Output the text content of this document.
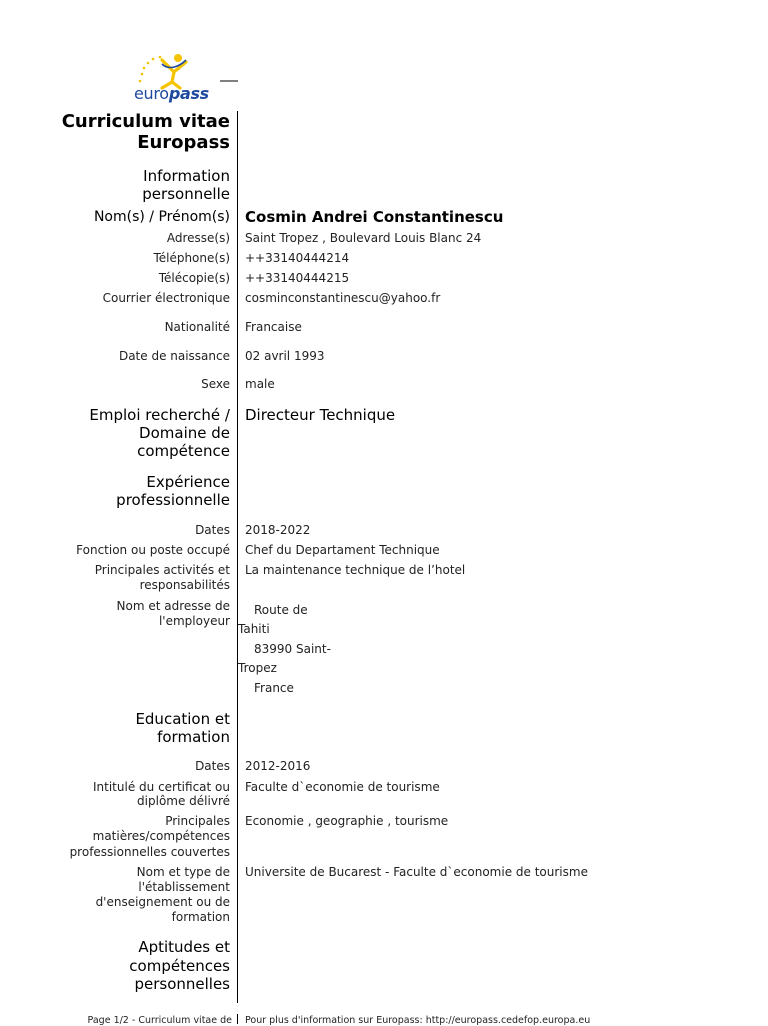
europass
Curriculum vitae
Europass
Information
personnelle
Nom(s) / Prénom(s) Cosmin Andrei Constantinescu
Adresse(s) Saint Tropez , Boulevard Louis Blanc 24
Téléphone(s) ++33140444214
Télécopie(s) ++33140444215
Courrier électronique cosminconstantinescu@yahoo.fr
Nationalité Francaise
Date de naissance 02 avril 1993
Sexe male
Emploi recherché /
Domaine de
compétence
Directeur Technique
Expérience
professionnelle
Dates 2018-2022
Fonction ou poste occupé Chef du Departament Technique
Principales activités et
responsabilités
La maintenance technique de l’hotel
Nom et adresse de
l'employeur
Route de
Tahiti
83990 Saint-
Tropez
France
Education et
formation
Dates 2012-2016
Intitulé du certificat ou
diplôme délivré
Faculte d`economie de tourisme
Principales
matières/compétences
professionnelles couvertes
Economie , geographie , tourisme
Nom et type de
l'établissement
d'enseignement ou de
formation
Universite de Bucarest - Faculte d`economie de tourisme
Aptitudes et
compétences
personnelles
Page 1/2 - Curriculum vitae de Pour plus d'information sur Europass: http://europass.cedefop.europa.eu
